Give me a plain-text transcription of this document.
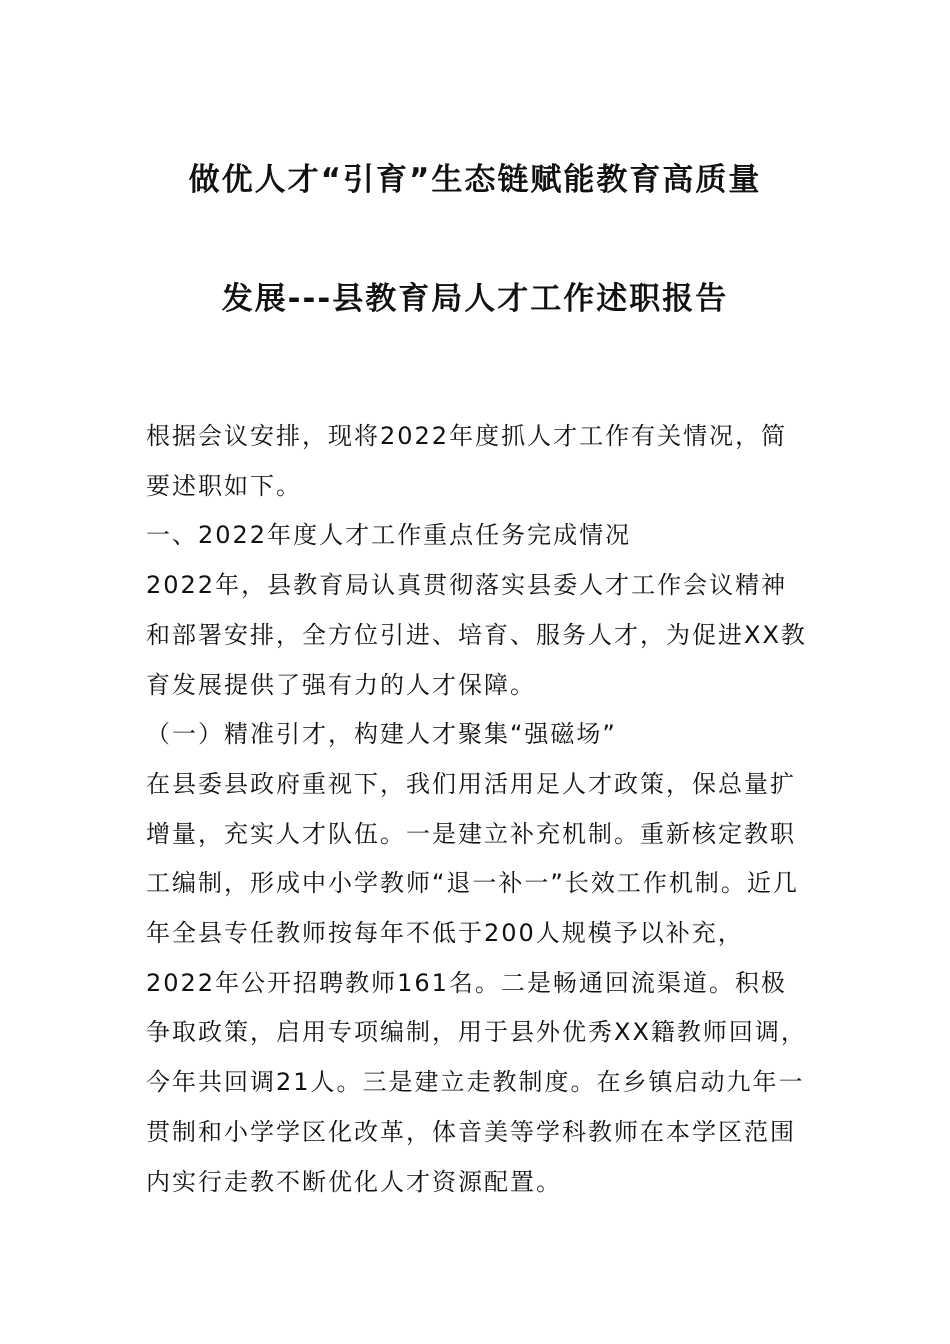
做优人才“引育”生态链赋能教育高质量
发展---县教育局人才工作述职报告

根据会议安排，现将2022年度抓人才工作有关情况，简要述职如下。

一、2022年度人才工作重点任务完成情况

2022年，县教育局认真贯彻落实县委人才工作会议精神和部署安排，全方位引进、培育、服务人才，为促进XX教育发展提供了强有力的人才保障。

（一）精准引才，构建人才聚集“强磁场”

在县委县政府重视下，我们用活用足人才政策，保总量扩增量，充实人才队伍。一是建立补充机制。重新核定教职工编制，形成中小学教师“退一补一”长效工作机制。近几年全县专任教师按每年不低于200人规模予以补充，2022年公开招聘教师161名。二是畅通回流渠道。积极争取政策，启用专项编制，用于县外优秀XX籍教师回调，今年共回调21人。三是建立走教制度。在乡镇启动九年一贯制和小学学区化改革，体音美等学科教师在本学区范围内实行走教不断优化人才资源配置。
